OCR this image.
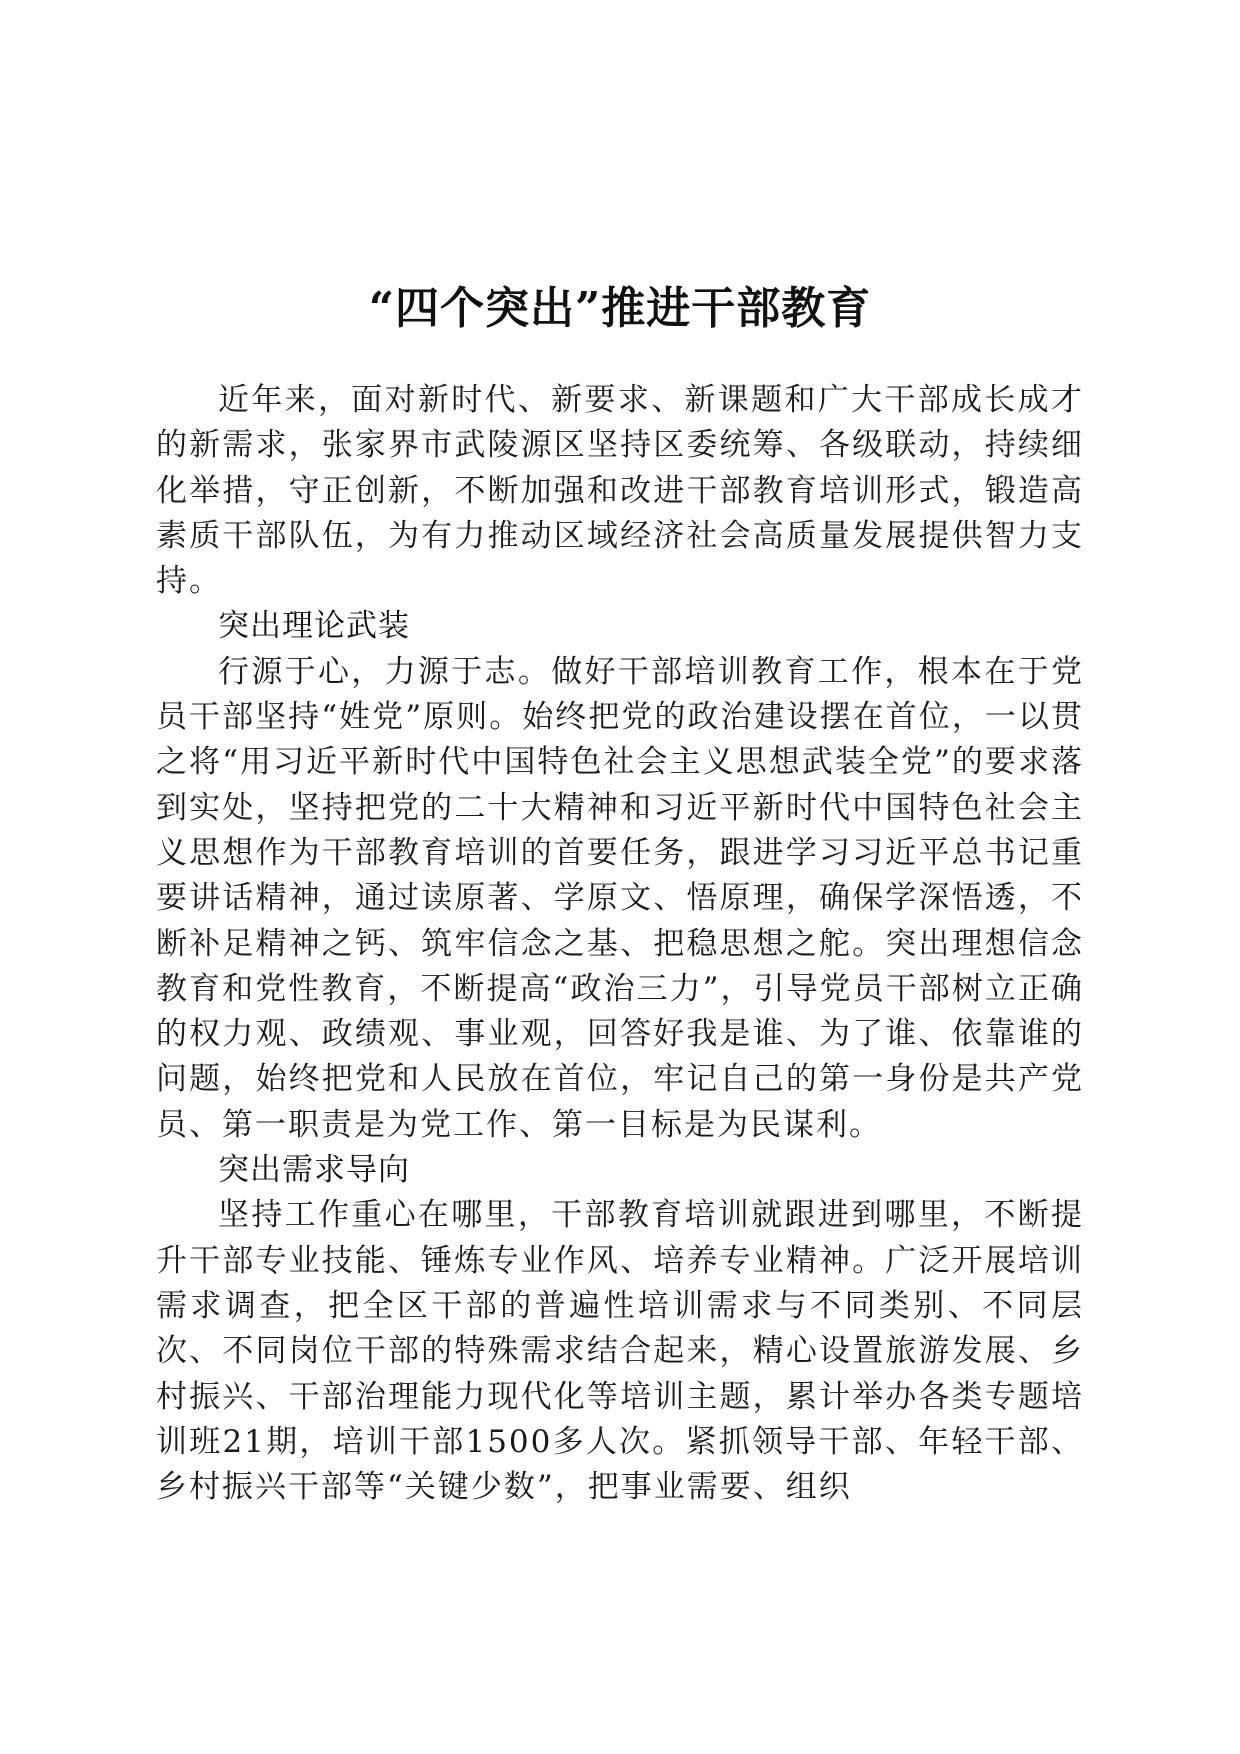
“四个突出”推进干部教育

近年来，面对新时代、新要求、新课题和广大干部成长成才的新需求，张家界市武陵源区坚持区委统筹、各级联动，持续细化举措，守正创新，不断加强和改进干部教育培训形式，锻造高素质干部队伍，为有力推动区域经济社会高质量发展提供智力支持。

突出理论武装

行源于心，力源于志。做好干部培训教育工作，根本在于党员干部坚持“姓党”原则。始终把党的政治建设摆在首位，一以贯之将“用习近平新时代中国特色社会主义思想武装全党”的要求落到实处，坚持把党的二十大精神和习近平新时代中国特色社会主义思想作为干部教育培训的首要任务，跟进学习习近平总书记重要讲话精神，通过读原著、学原文、悟原理，确保学深悟透，不断补足精神之钙、筑牢信念之基、把稳思想之舵。突出理想信念教育和党性教育，不断提高“政治三力”，引导党员干部树立正确的权力观、政绩观、事业观，回答好我是谁、为了谁、依靠谁的问题，始终把党和人民放在首位，牢记自己的第一身份是共产党员、第一职责是为党工作、第一目标是为民谋利。

突出需求导向

坚持工作重心在哪里，干部教育培训就跟进到哪里，不断提升干部专业技能、锤炼专业作风、培养专业精神。广泛开展培训需求调查，把全区干部的普遍性培训需求与不同类别、不同层次、不同岗位干部的特殊需求结合起来，精心设置旅游发展、乡村振兴、干部治理能力现代化等培训主题，累计举办各类专题培训班21期，培训干部1500多人次。紧抓领导干部、年轻干部、乡村振兴干部等“关键少数”，把事业需要、组织
